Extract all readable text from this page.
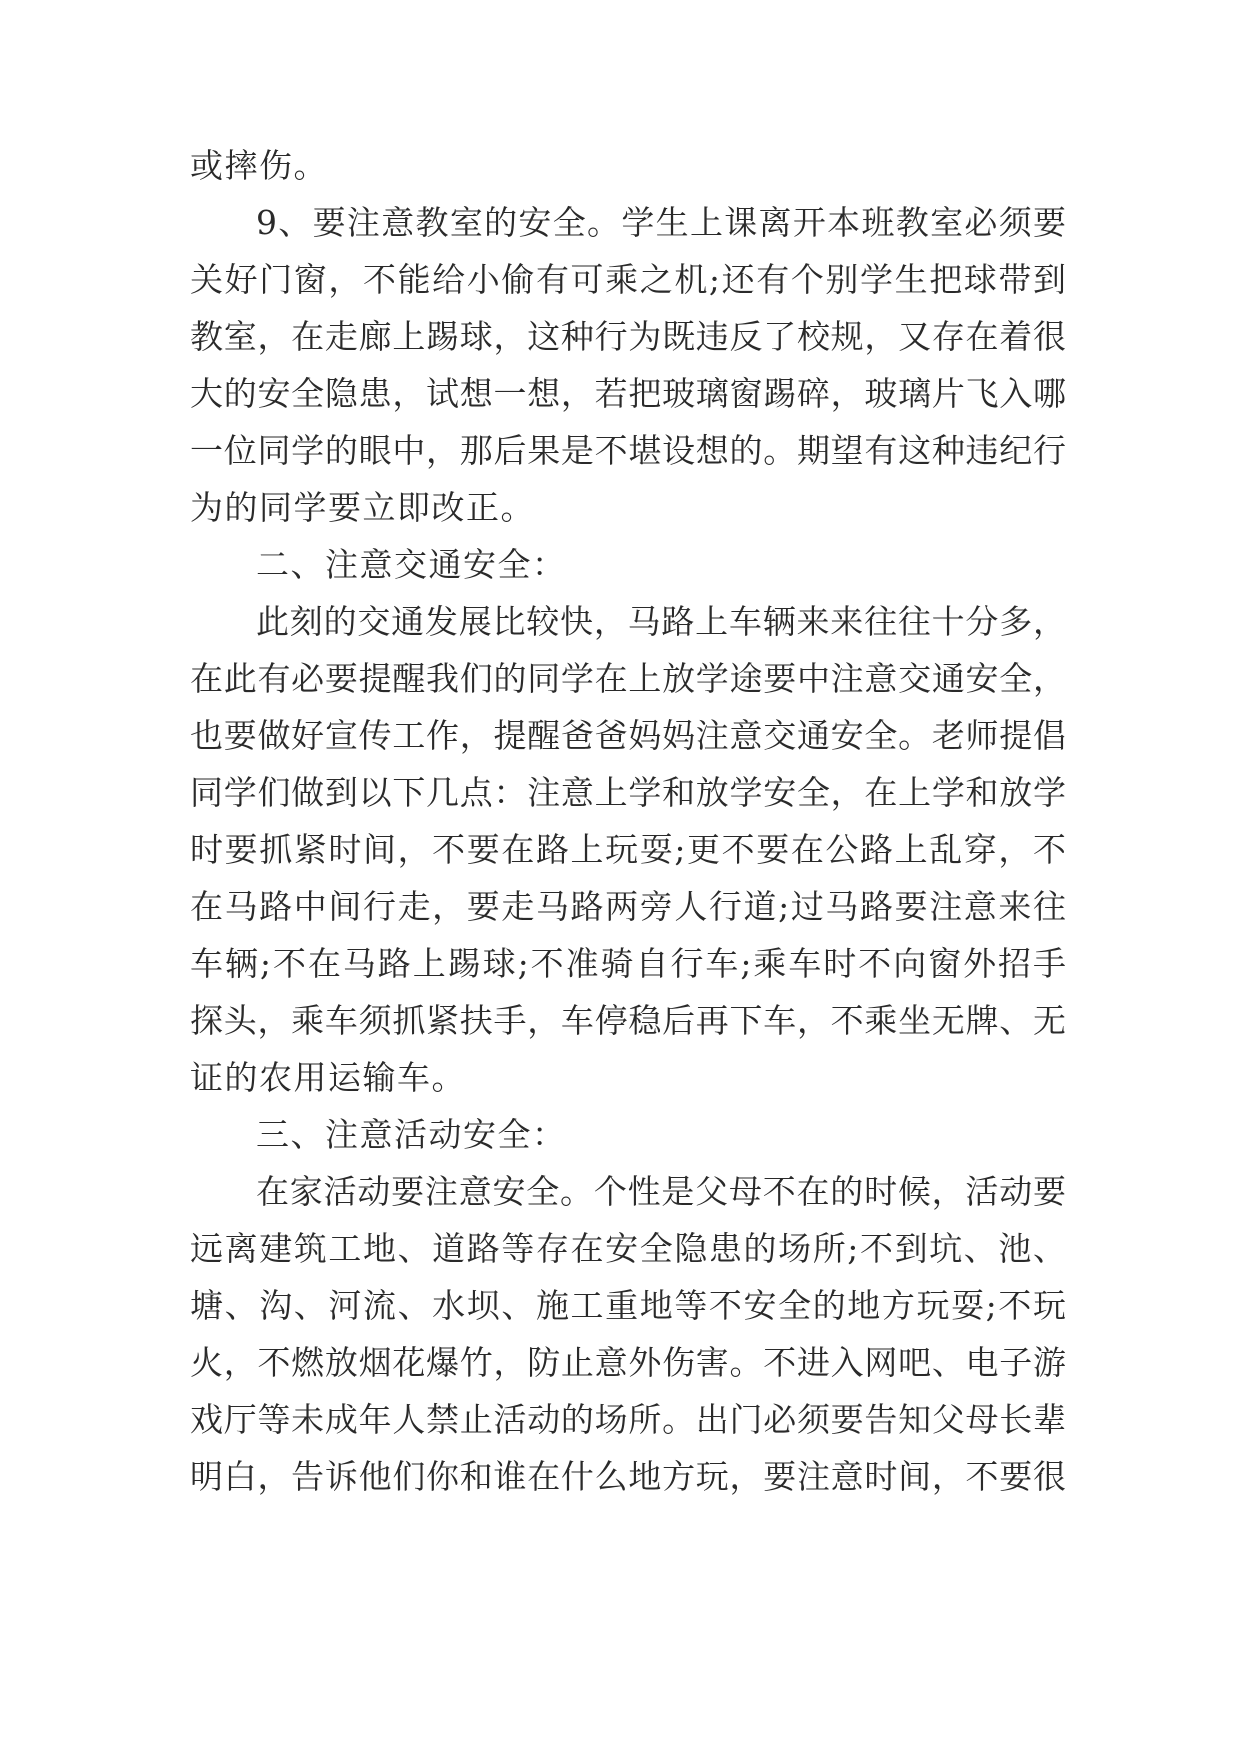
或摔伤。
9、要注意教室的安全。学生上课离开本班教室必须要
关好门窗，不能给小偷有可乘之机;还有个别学生把球带到
教室，在走廊上踢球，这种行为既违反了校规，又存在着很
大的安全隐患，试想一想，若把玻璃窗踢碎，玻璃片飞入哪
一位同学的眼中，那后果是不堪设想的。期望有这种违纪行
为的同学要立即改正。
二、注意交通安全：
此刻的交通发展比较快，马路上车辆来来往往十分多，
在此有必要提醒我们的同学在上放学途要中注意交通安全，
也要做好宣传工作，提醒爸爸妈妈注意交通安全。老师提倡
同学们做到以下几点：注意上学和放学安全，在上学和放学
时要抓紧时间，不要在路上玩耍;更不要在公路上乱穿，不
在马路中间行走，要走马路两旁人行道;过马路要注意来往
车辆;不在马路上踢球;不准骑自行车;乘车时不向窗外招手
探头，乘车须抓紧扶手，车停稳后再下车，不乘坐无牌、无
证的农用运输车。
三、注意活动安全：
在家活动要注意安全。个性是父母不在的时候，活动要
远离建筑工地、道路等存在安全隐患的场所;不到坑、池、
塘、沟、河流、水坝、施工重地等不安全的地方玩耍;不玩
火，不燃放烟花爆竹，防止意外伤害。不进入网吧、电子游
戏厅等未成年人禁止活动的场所。出门必须要告知父母长辈
明白，告诉他们你和谁在什么地方玩，要注意时间，不要很
